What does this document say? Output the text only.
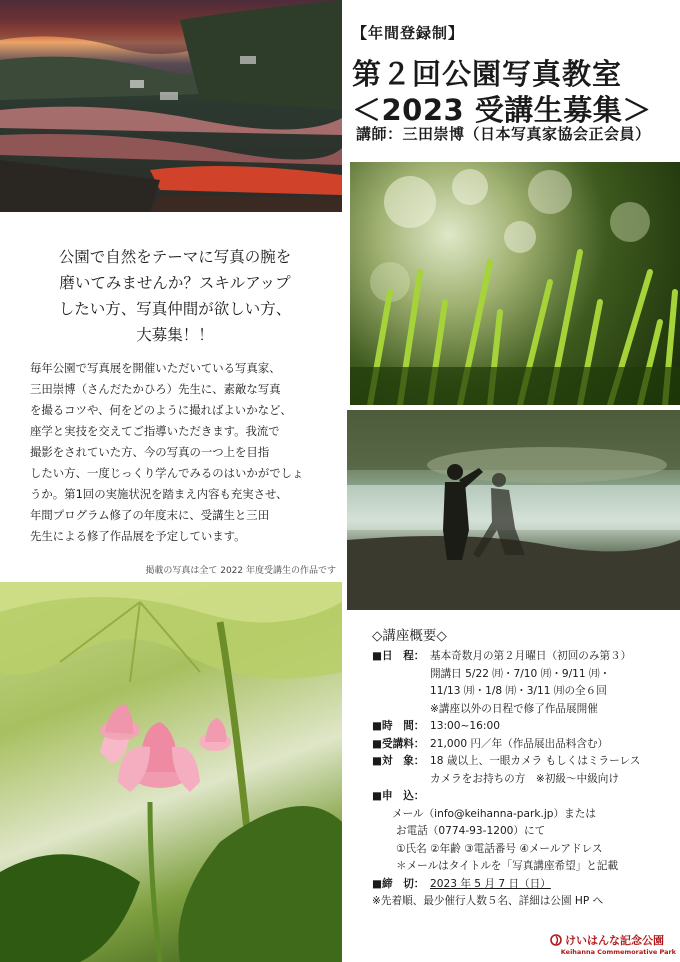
【年間登録制】
第２回公園写真教室
＜2023 受講生募集＞
講師：三田崇博（日本写真家協会正会員）
公園で自然をテーマに写真の腕を
磨いてみませんか？スキルアップ
したい方、写真仲間が欲しい方、
大募集！！
毎年公園で写真展を開催いただいている写真家、
三田崇博（さんだたかひろ）先生に、素敵な写真
を撮るコツや、何をどのように撮ればよいかなど、
座学と実技を交えてご指導いただきます。我流で
撮影をされていた方、今の写真の一つ上を目指
したい方、一度じっくり学んでみるのはいかがでしょ
うか。第1回の実施状況を踏まえ内容も充実させ、
年間プログラム修了の年度末に、受講生と三田
先生による修了作品展を予定しています。
掲載の写真は全て 2022 年度受講生の作品です
◇講座概要◇
■日　程： 基本奇数月の第２月曜日（初回のみ第３）
開講日 5/22 ㈪・7/10 ㈪・9/11 ㈪・
11/13 ㈪・1/8 ㈪・3/11 ㈪の全６回
※講座以外の日程で修了作品展開催
■時　間： 13:00~16:00
■受講料： 21,000 円／年（作品展出品料含む）
■対　象： 18 歳以上、一眼カメラ もしくはミラーレス
カメラをお持ちの方　※初級～中級向け
■申　込：
メール（info@keihanna-park.jp）または
お電話（0774-93-1200）にて
①氏名 ②年齢 ③電話番号 ④メールアドレス
＊メールはタイトルを「写真講座希望」と記載
■締　切： 2023 年 5 月 7 日（日）
※先着順、最少催行人数５名、詳細は公園 HP へ
けいはんな記念公園
Keihanna Commemorative Park
